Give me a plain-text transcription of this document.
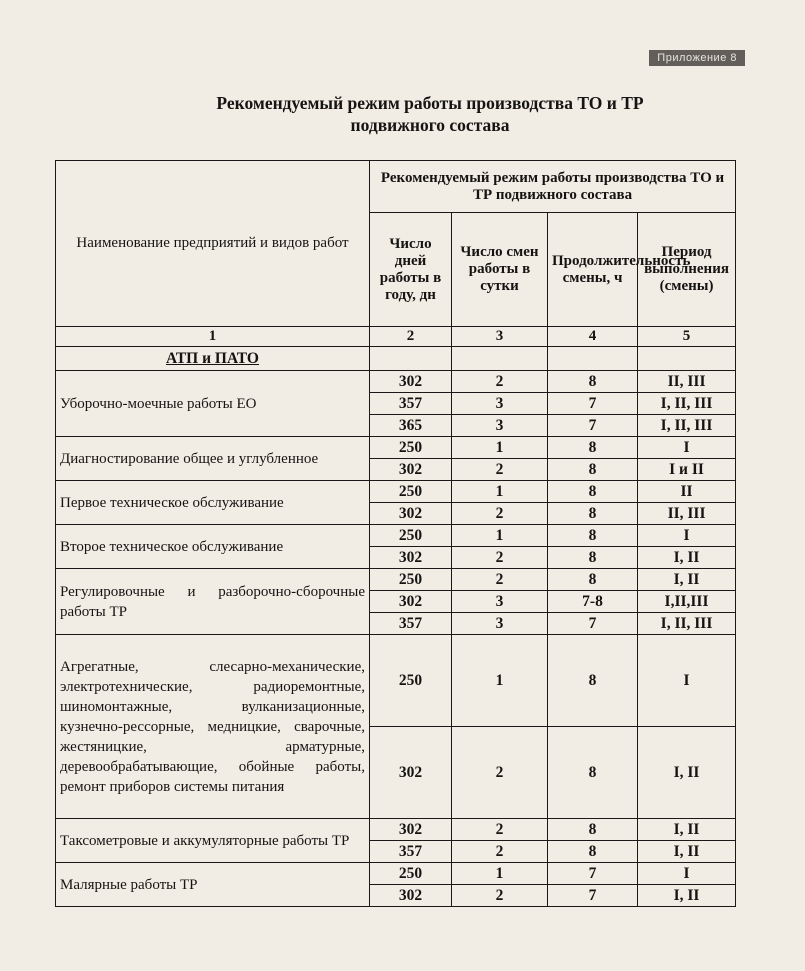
Приложение 8
Рекомендуемый режим работы производства ТО и ТР
подвижного состава
Наименование предприятий и видов работ	Рекомендуемый режим работы производства ТО и ТР подвижного состава			
	Число дней работы в году, дн	Число смен работы в сутки	Продолжительность смены, ч	Период выполнения (смены)
1	2	3	4	5
АТП и ПАТО				
Уборочно-моечные работы ЕО	302	2	8	II, III
	357	3	7	I, II, III
	365	3	7	I, II, III
Диагностирование общее и углубленное	250	1	8	I
	302	2	8	I и II
Первое техническое обслуживание	250	1	8	II
	302	2	8	II, III
Второе техническое обслуживание	250	1	8	I
	302	2	8	I, II
Регулировочные и разборочно-сборочные работы ТР	250	2	8	I, II
	302	3	7-8	I,II,III
	357	3	7	I, II, III
Агрегатные, слесарно-механические, электротехнические, радиоремонтные, шиномонтажные, вулканизационные, кузнечно-рессорные, медницкие, сварочные, жестяницкие, арматурные, деревообрабатывающие, обойные работы, ремонт приборов системы питания	250	1	8	I
	302	2	8	I, II
Таксометровые и аккумуляторные работы ТР	302	2	8	I, II
	357	2	8	I, II
Малярные работы ТР	250	1	7	I
	302	2	7	I, II
